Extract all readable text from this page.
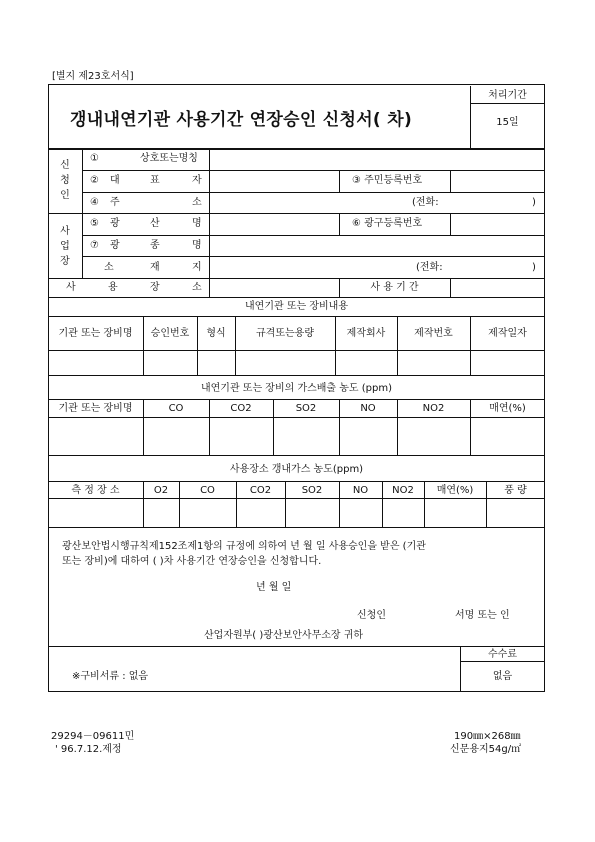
[별지 제23호서식]
갱내내연기관 사용기간 연장승인 신청서( 차)
처리기간
15일
신
청
인
①	상호또는명칭
② 대	표	자	③ 주민등록번호
④ 주	소	(전화:	)
사
업
장
⑤ 광	산	명	⑥ 광구등록번호
⑦ 광	종	명
소	재	지	(전화:	)
사	용	장	소	사 용 기 간
내연기관 또는 장비내용
기관 또는 장비명	승인번호	형식	규격또는용량	제작회사	제작번호	제작일자
내연기관 또는 장비의 가스배출 농도 (ppm)
기관 또는 장비명	CO	CO2	SO2	NO	NO2	매연(%)
사용장소 갱내가스 농도(ppm)
측 정 장 소	O2	CO	CO2	SO2	NO	NO2	매연(%)	풍 량
광산보안법시행규칙제152조제1항의 규정에 의하여 년 월 일 사용승인을 받은 (기관
또는 장비)에 대하여 ( )차 사용기간 연장승인을 신청합니다.
년 월 일
신청인	서명 또는 인
산업자원부( )광산보안사무소장 귀하
수수료
없음
※구비서류 : 없음
29294－09611민
' 96.7.12.제정
190㎜×268㎜
신문용지54g/㎡
